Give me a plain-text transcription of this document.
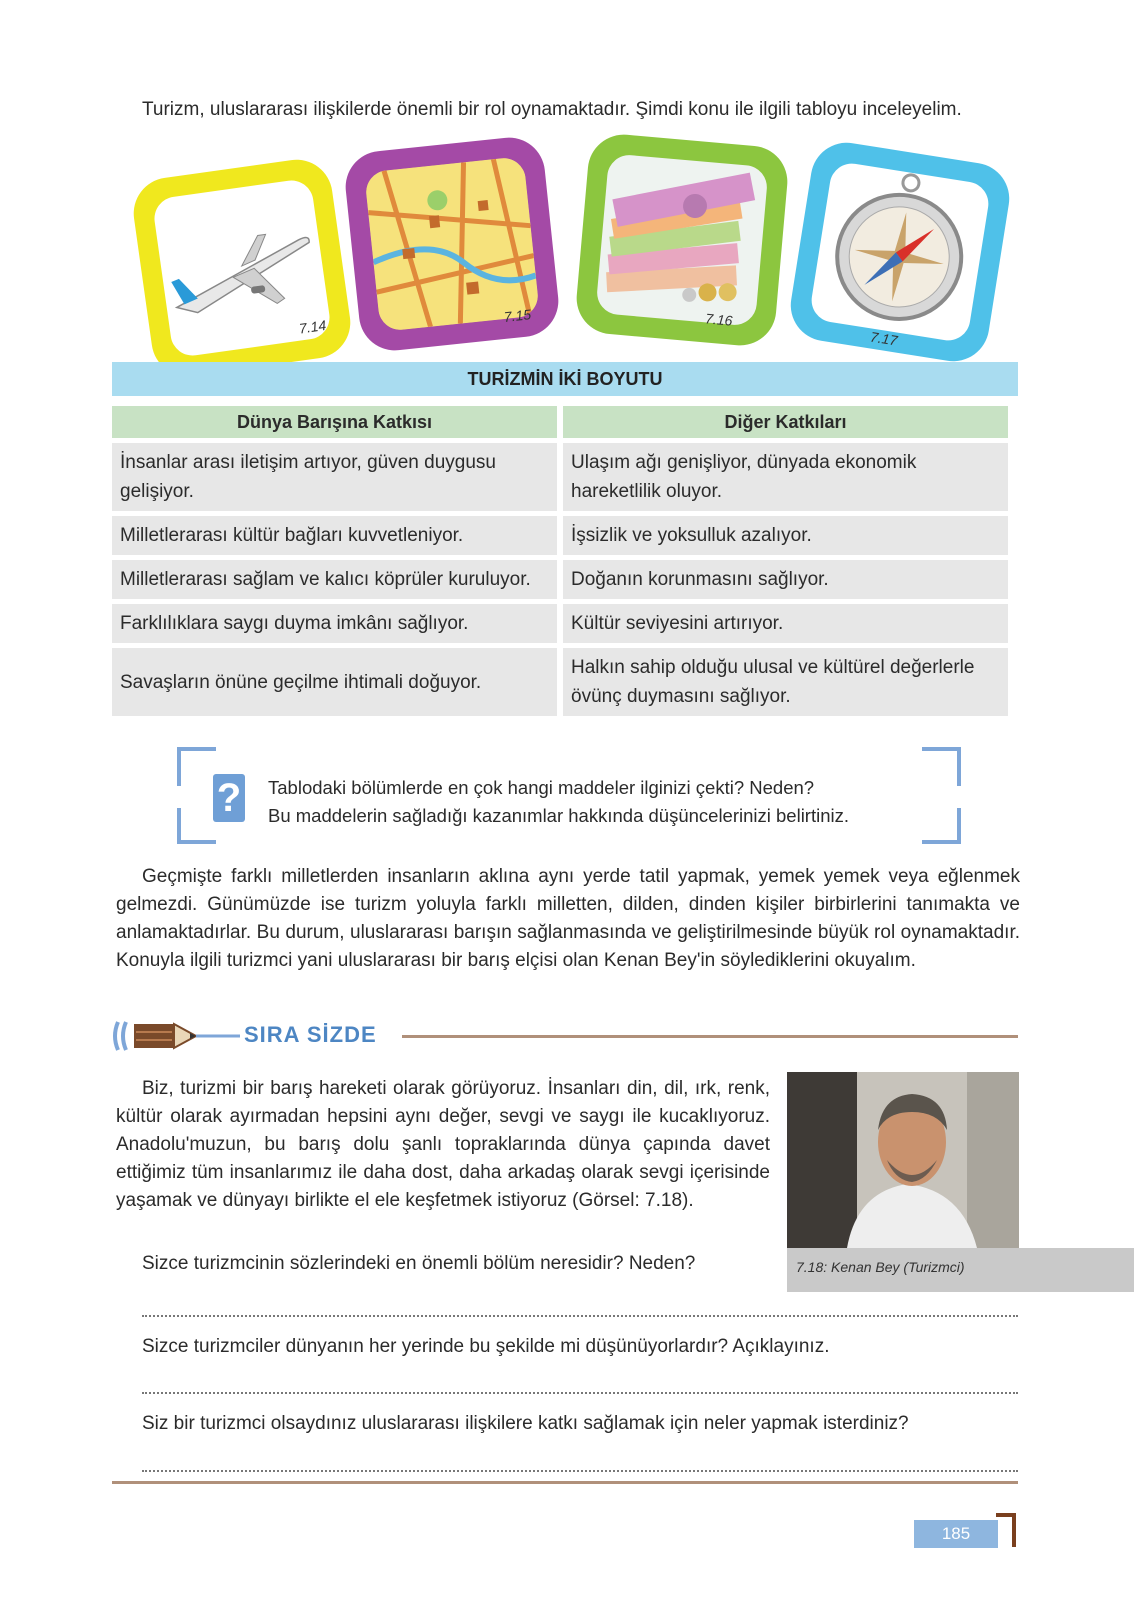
Turizm, uluslararası ilişkilerde önemli bir rol oynamaktadır. Şimdi konu ile ilgili tabloyu inceleyelim.
7.14
7.15	7.16
7.17
TURİZMİN İKİ BOYUTU
Dünya Barışına Katkısı	Diğer Katkıları
İnsanlar arası iletişim artıyor, güven duygusu gelişiyor.	Ulaşım ağı genişliyor, dünyada ekonomik hareketlilik oluyor.
Milletlerarası kültür bağları kuvvetleniyor.	İşsizlik ve yoksulluk azalıyor.
Milletlerarası sağlam ve kalıcı köprüler kuruluyor.	Doğanın korunmasını sağlıyor.
Farklılıklara saygı duyma imkânı sağlıyor.	Kültür seviyesini artırıyor.
Savaşların önüne geçilme ihtimali doğuyor.	Halkın sahip olduğu ulusal ve kültürel değerlerle övünç duymasını sağlıyor.
? Tablodaki bölümlerde en çok hangi maddeler ilginizi çekti? Neden?
Bu maddelerin sağladığı kazanımlar hakkında düşüncelerinizi belirtiniz.
Geçmişte farklı milletlerden insanların aklına aynı yerde tatil yapmak, yemek yemek veya eğlenmek gelmezdi. Günümüzde ise turizm yoluyla farklı milletten, dilden, dinden kişiler birbirlerini tanımakta ve anlamaktadırlar. Bu durum, uluslararası barışın sağlanmasında ve geliştirilmesinde büyük rol oynamaktadır. Konuyla ilgili turizmci yani uluslararası bir barış elçisi olan Kenan Bey'in söylediklerini okuyalım.
SIRA SİZDE
Biz, turizmi bir barış hareketi olarak görüyoruz. İnsanları din, dil, ırk, renk, kültür olarak ayırmadan hepsini aynı değer, sevgi ve saygı ile kucaklıyoruz. Anadolu'muzun, bu barış dolu şanlı topraklarında dünya çapında davet ettiğimiz tüm insanlarımız ile daha dost, daha arkadaş olarak sevgi içerisinde yaşamak ve dünyayı birlikte el ele keşfetmek istiyoruz (Görsel: 7.18).
7.18: Kenan Bey (Turizmci)
Sizce turizmcinin sözlerindeki en önemli bölüm neresidir? Neden?
Sizce turizmciler dünyanın her yerinde bu şekilde mi düşünüyorlardır? Açıklayınız.
Siz bir turizmci olsaydınız uluslararası ilişkilere katkı sağlamak için neler yapmak isterdiniz?
185
